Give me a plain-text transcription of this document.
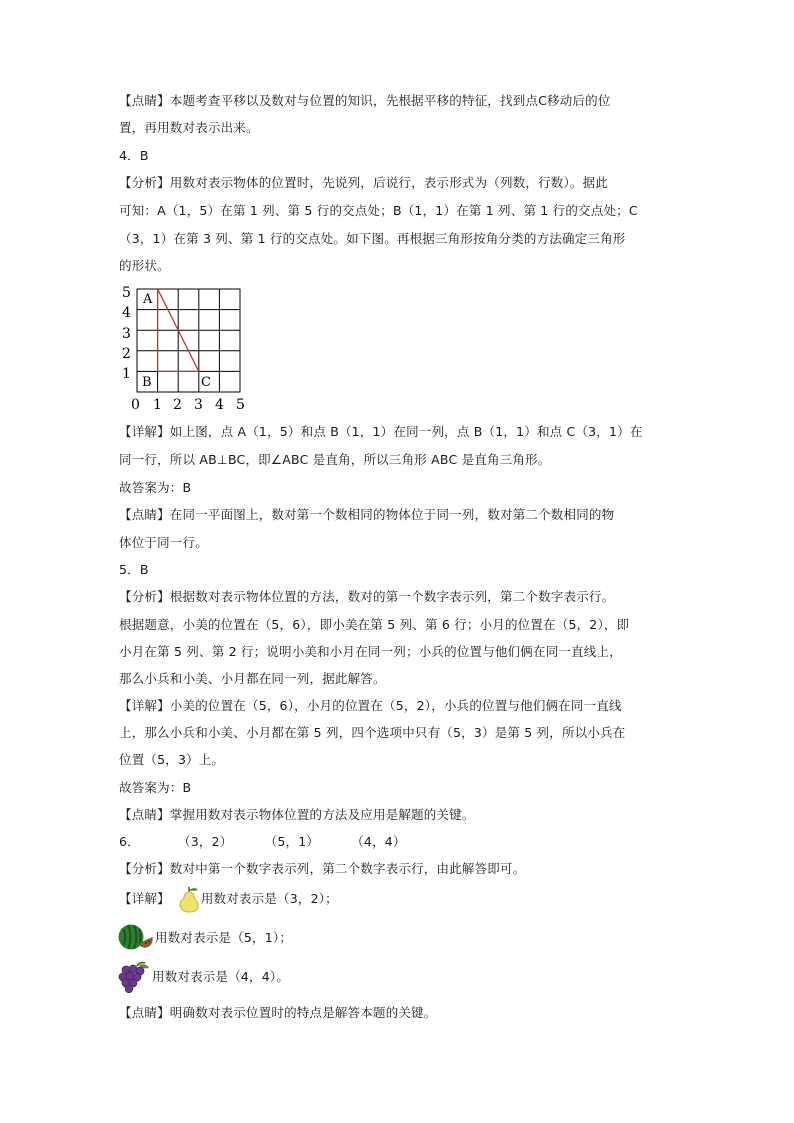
【点睛】本题考查平移以及数对与位置的知识，先根据平移的特征，找到点C移动后的位
置，再用数对表示出来。
4．B
【分析】用数对表示物体的位置时，先说列，后说行，表示形式为（列数，行数）。据此
可知：A（1，5）在第 1 列、第 5 行的交点处；B（1，1）在第 1 列、第 1 行的交点处；C
（3，1）在第 3 列、第 1 行的交点处。如下图。再根据三角形按角分类的方法确定三角形
的形状。
A
B	C
5
4
3
2
1
0 1 2 3 4 5
【详解】如上图，点 A（1，5）和点 B（1，1）在同一列，点 B（1，1）和点 C（3，1）在
同一行，所以 AB⊥BC，即∠ABC 是直角，所以三角形 ABC 是直角三角形。
故答案为：B
【点睛】在同一平面图上，数对第一个数相同的物体位于同一列，数对第二个数相同的物
体位于同一行。
5．B
【分析】根据数对表示物体位置的方法，数对的第一个数字表示列，第二个数字表示行。
根据题意，小美的位置在（5，6），即小美在第 5 列、第 6 行；小月的位置在（5，2），即
小月在第 5 列、第 2 行；说明小美和小月在同一列；小兵的位置与他们俩在同一直线上，
那么小兵和小美、小月都在同一列，据此解答。
【详解】小美的位置在（5，6），小月的位置在（5，2），小兵的位置与他们俩在同一直线
上，那么小兵和小美、小月都在第 5 列，四个选项中只有（5，3）是第 5 列，所以小兵在
位置（5，3）上。
故答案为：B
【点睛】掌握用数对表示物体位置的方法及应用是解题的关键。
6．	（3，2）	（5，1）	（4，4）
【分析】数对中第一个数字表示列，第二个数字表示行，由此解答即可。
【详解】 用数对表示是（3，2）；
用数对表示是（5，1）；
用数对表示是（4，4）。
【点睛】明确数对表示位置时的特点是解答本题的关键。
